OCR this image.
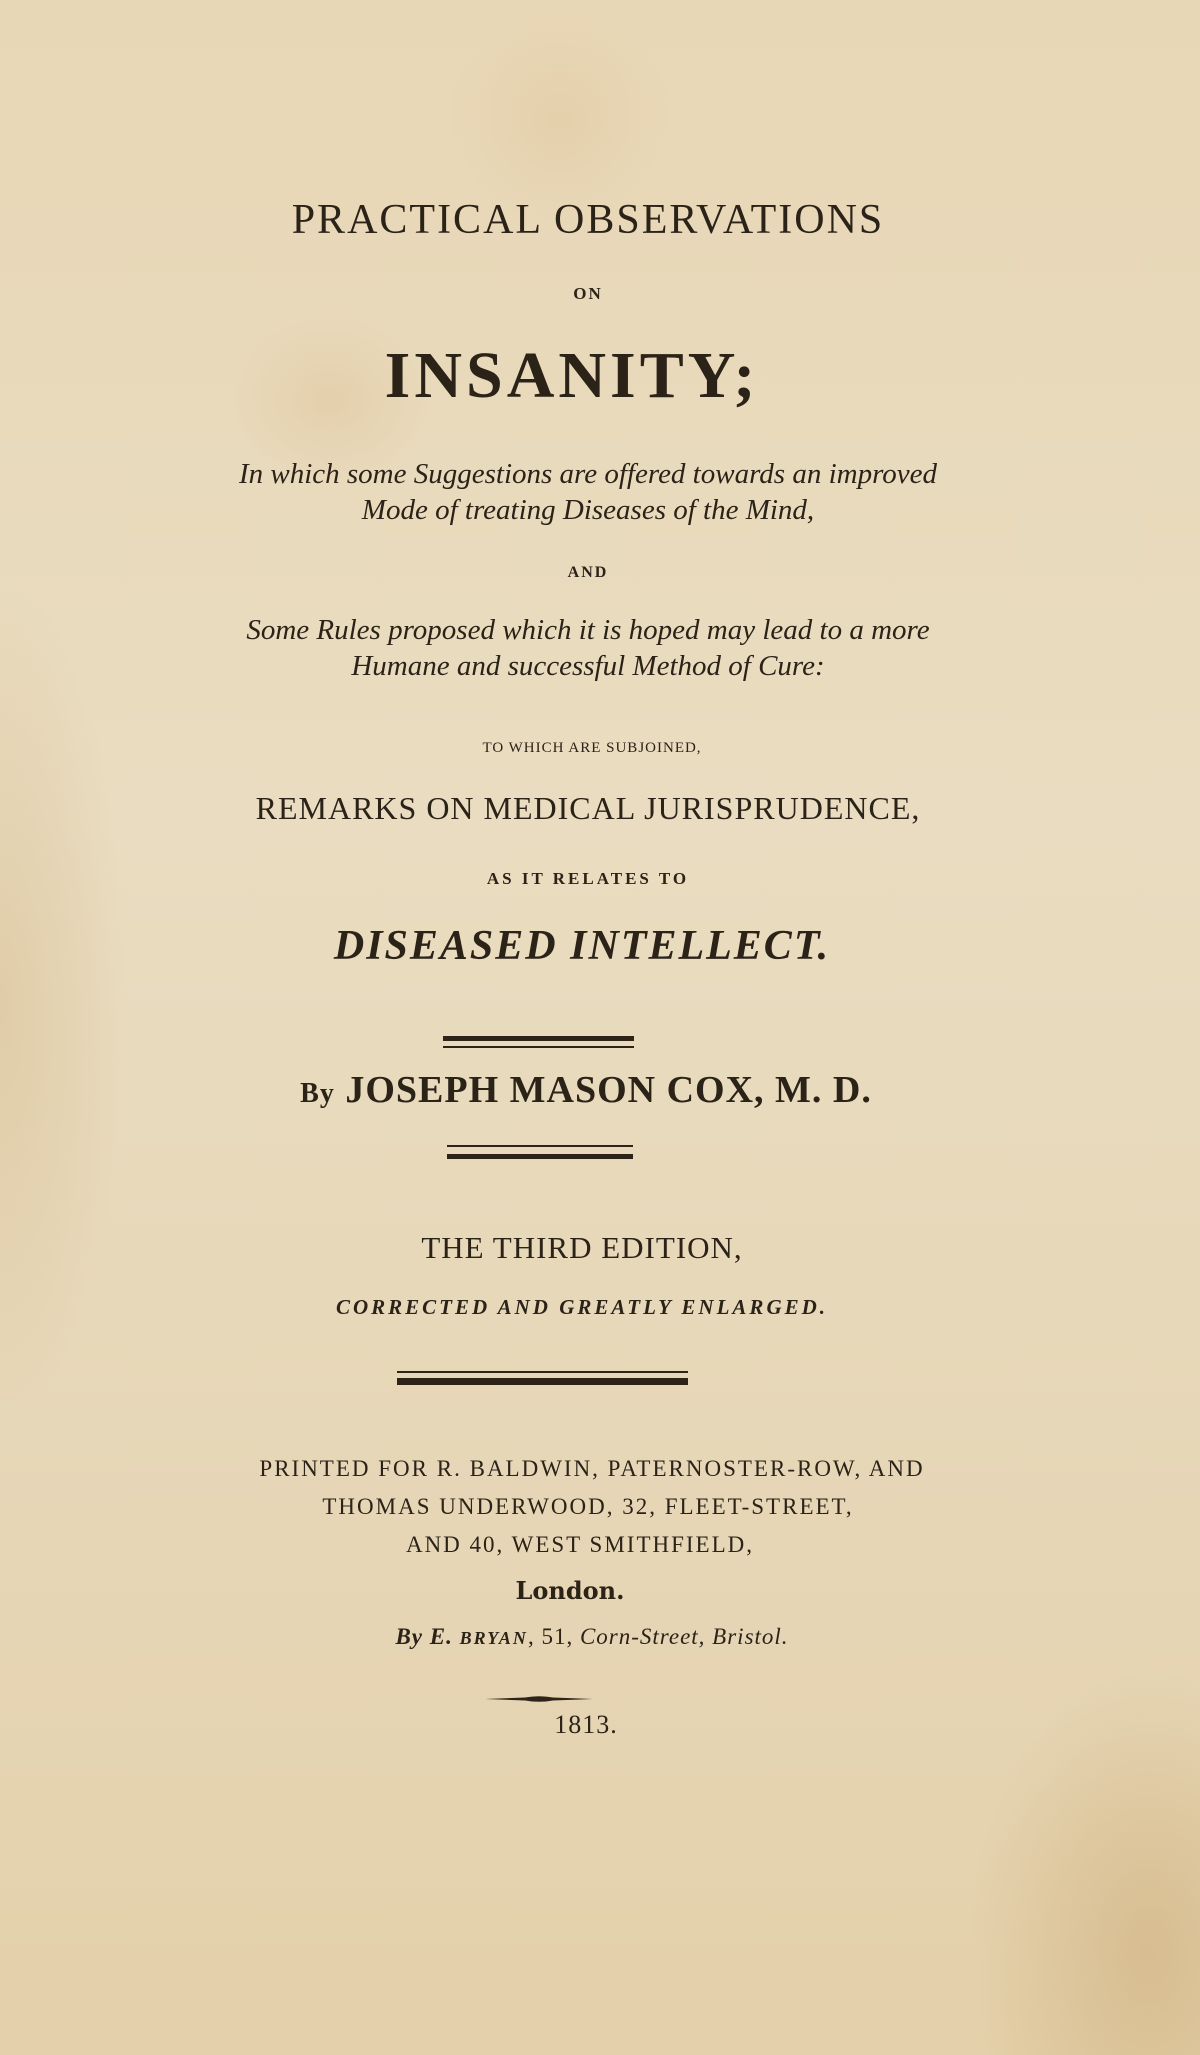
PRACTICAL OBSERVATIONS

ON

INSANITY;

In which some Suggestions are offered towards an improved

Mode of treating Diseases of the Mind,

AND

Some Rules proposed which it is hoped may lead to a more

Humane and successful Method of Cure:

TO WHICH ARE SUBJOINED,

REMARKS ON MEDICAL JURISPRUDENCE,

AS IT RELATES TO

DISEASED INTELLECT.

By JOSEPH MASON COX, M. D.

THE THIRD EDITION,

CORRECTED AND GREATLY ENLARGED.

PRINTED FOR R. BALDWIN, PATERNOSTER-ROW, AND

THOMAS UNDERWOOD, 32, FLEET-STREET,

AND 40, WEST SMITHFIELD,

London.

By E. BRYAN, 51, Corn-Street, Bristol.

1813.
